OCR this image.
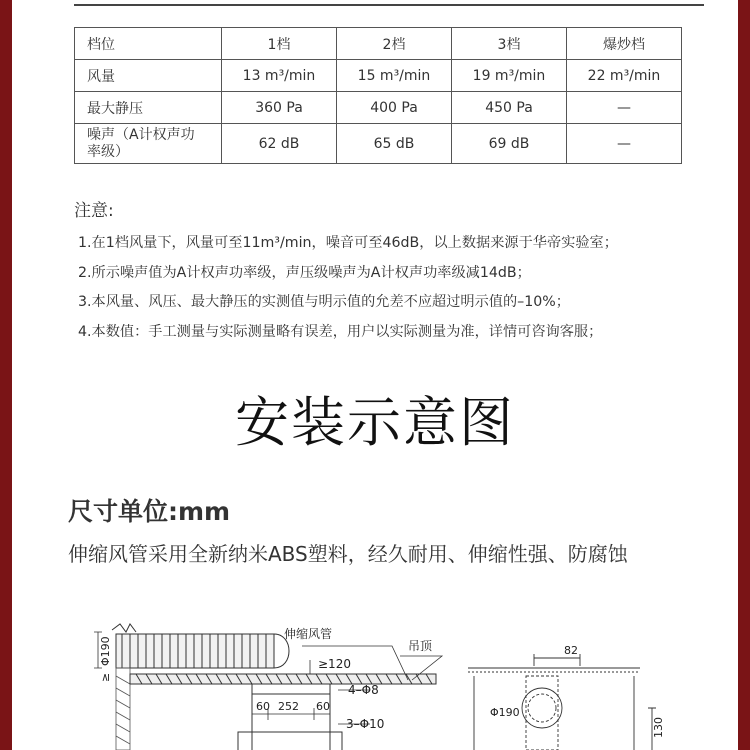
档位	1档	2档	3档	爆炒档
风量	13 m³/min	15 m³/min	19 m³/min	22 m³/min
最大静压	360 Pa	400 Pa	450 Pa	—
噪声（A计权声功
率级）	62 dB	65 dB	69 dB	—
注意:
1.在1档风量下，风量可至11m³/min，噪音可至46dB，以上数据来源于华帝实验室；
2.所示噪声值为A计权声功率级，声压级噪声为A计权声功率级减14dB；
3.本风量、风压、最大静压的实测值与明示值的允差不应超过明示值的–10%；
4.本数值：手工测量与实际测量略有误差，用户以实际测量为准，详情可咨询客服；
安装示意图
尺寸单位:mm
伸缩风管采用全新纳米ABS塑料，经久耐用、伸缩性强、防腐蚀
Φ190
≥
伸缩风管
吊顶
≥120
4–Φ8
60 252 60
3–Φ10
82
Φ190
130
